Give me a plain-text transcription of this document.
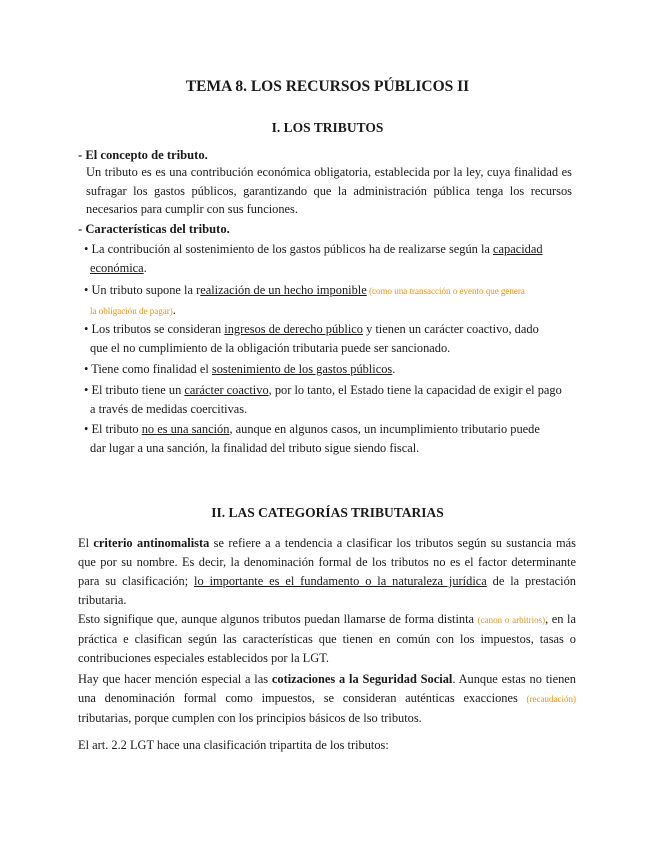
TEMA 8. LOS RECURSOS PÚBLICOS II
I. LOS TRIBUTOS
- El concepto de tributo.

Un tributo es es una contribución económica obligatoria, establecida por la ley, cuya finalidad es sufragar los gastos públicos, garantizando que la administración pública tenga los recursos necesarios para cumplir con sus funciones.

- Características del tributo.
• La contribución al sostenimiento de los gastos públicos ha de realizarse según la capacidad
económica.
• Un tributo supone la realización de un hecho imponible (como una transacción o evento que genera
la obligación de pagar).
• Los tributos se consideran ingresos de derecho público y tienen un carácter coactivo, dado
que el no cumplimiento de la obligación tributaria puede ser sancionado.
• Tiene como finalidad el sostenimiento de los gastos públicos.
• El tributo tiene un carácter coactivo, por lo tanto, el Estado tiene la capacidad de exigir el pago
a través de medidas coercitivas.
• El tributo no es una sanción, aunque en algunos casos, un incumplimiento tributario puede
dar lugar a una sanción, la finalidad del tributo sigue siendo fiscal.
II. LAS CATEGORÍAS TRIBUTARIAS

El criterio antinomalista se refiere a a tendencia a clasificar los tributos según su sustancia más que por su nombre. Es decir, la denominación formal de los tributos no es el factor determinante para su clasificación; lo importante es el fundamento o la naturaleza jurídica de la prestación tributaria.

Esto signifique que, aunque algunos tributos puedan llamarse de forma distinta (canon o arbitrios), en la práctica e clasifican según las características que tienen en común con los impuestos, tasas o contribuciones especiales establecidos por la LGT.

Hay que hacer mención especial a las cotizaciones a la Seguridad Social. Aunque estas no tienen una denominación formal como impuestos, se consideran auténticas exacciones (recaudación) tributarias, porque cumplen con los principios básicos de lso tributos.

El art. 2.2 LGT hace una clasificación tripartita de los tributos:
